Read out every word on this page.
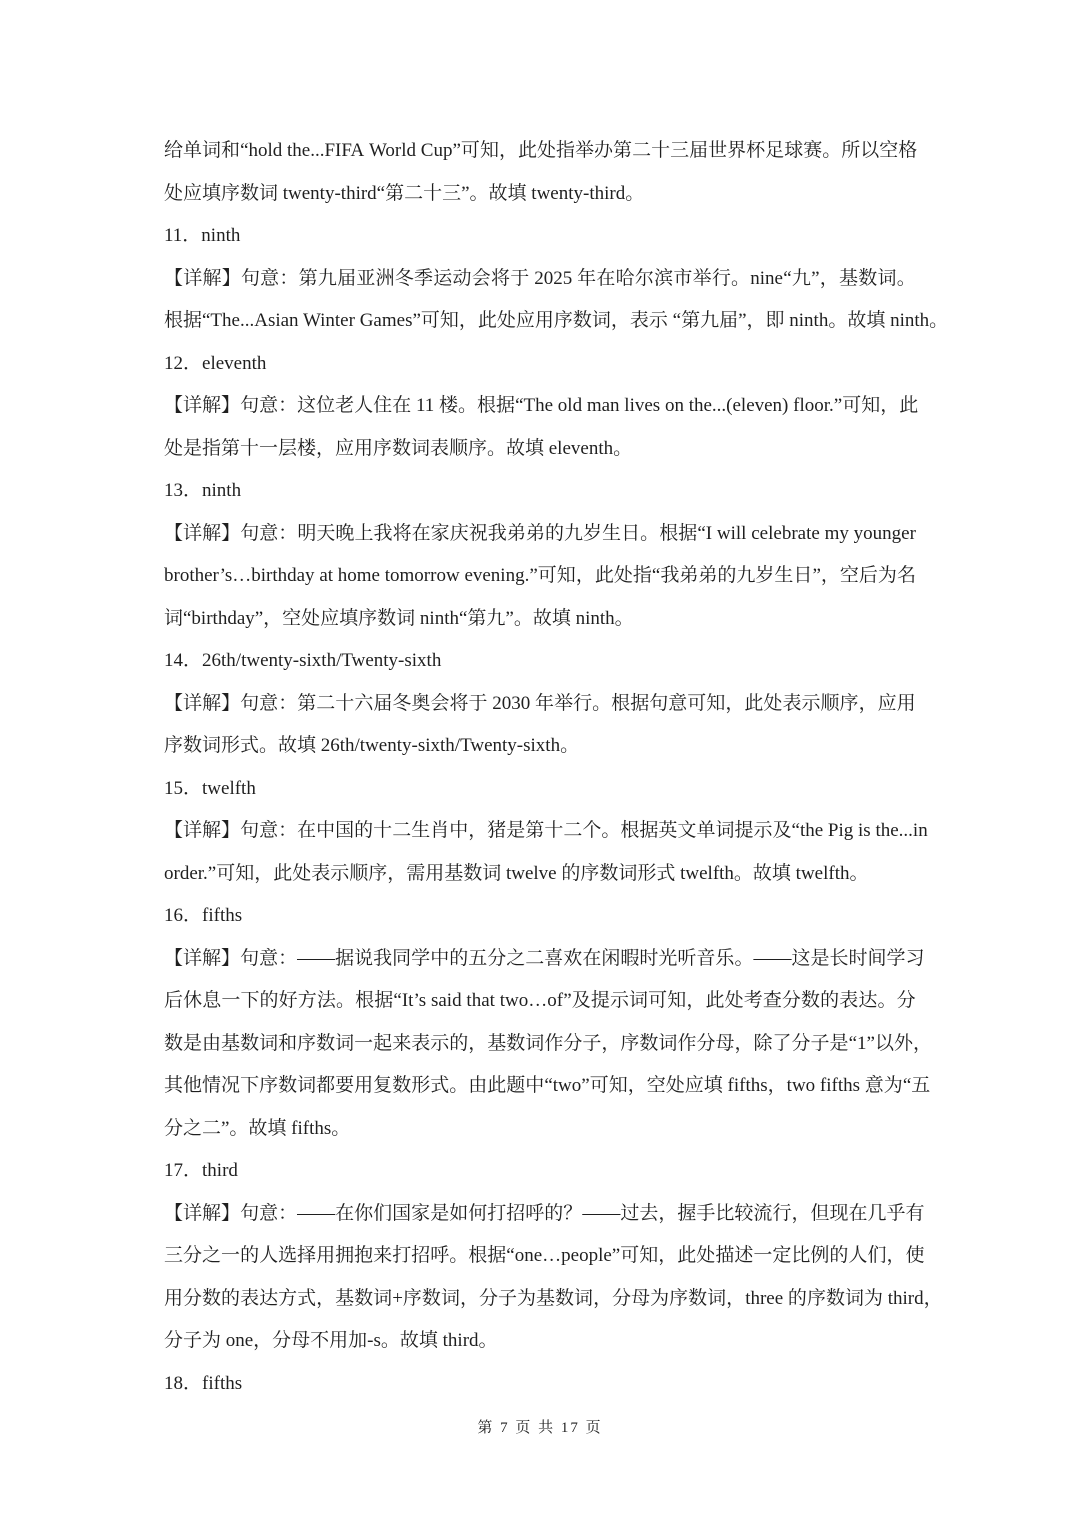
给 单 词 和 “ hold the...FIFA World Cup ” 可 知 ， 此 处 指 举 办 第 二 十 三 届 世 界 杯 足 球 赛 。 所 以 空 格
处应填序数词 twenty-third“第二十三”。故填 twenty-third。
11．ninth
【 详 解 】 句 意 ： 第 九 届 亚 洲 冬 季 运 动 会 将 于 2025 年 在 哈 尔 滨 市 举 行 。 nine “ 九 ” ， 基 数 词 。
根据“The...Asian Winter Games”可知，此处应用序数词，表示 “第九届”，即 ninth。故填 ninth。
12．eleventh
【 详 解 】 句 意 ： 这 位 老 人 住 在 11 楼 。 根 据 “ The old man lives on the...(eleven) floor. ” 可 知 ， 此
处是指第十一层楼，应用序数词表顺序。故填 eleventh。
13．ninth
【 详 解 】 句 意 ： 明 天 晚 上 我 将 在 家 庆 祝 我 弟 弟 的 九 岁 生 日 。 根 据 “ I will celebrate my younger
brother’s…birthday at home tomorrow evening. ” 可 知 ， 此 处 指 “ 我 弟 弟 的 九 岁 生 日 ” ， 空 后 为 名
词“birthday”，空处应填序数词 ninth“第九”。故填 ninth。
14．26th/twenty-sixth/Twenty-sixth
【 详 解 】 句 意 ： 第 二 十 六 届 冬 奥 会 将 于 2030 年 举 行 。 根 据 句 意 可 知 ， 此 处 表 示 顺 序 ， 应 用
序数词形式。故填 26th/twenty-sixth/Twenty-sixth。
15．twelfth
【 详 解 】 句 意 ： 在 中 国 的 十 二 生 肖 中 ， 猪 是 第 十 二 个 。 根 据 英 文 单 词 提 示 及 “ the Pig is the...in
order.”可知，此处表示顺序，需用基数词 twelve 的序数词形式 twelfth。故填 twelfth。
16．fifths
【 详 解 】 句 意 ： — — 据 说 我 同 学 中 的 五 分 之 二 喜 欢 在 闲 暇 时 光 听 音 乐 。 — — 这 是 长 时 间 学 习
后 休 息 一 下 的 好 方 法 。 根 据 “ It’s said that two…of ” 及 提 示 词 可 知 ， 此 处 考 查 分 数 的 表 达 。 分
数 是 由 基 数 词 和 序 数 词 一 起 来 表 示 的 ， 基 数 词 作 分 子 ， 序 数 词 作 分 母 ， 除 了 分 子 是 “ 1 ” 以 外 ，
其 他 情 况 下 序 数 词 都 要 用 复 数 形 式 。 由 此 题 中 “ two ” 可 知 ， 空 处 应 填 fifths ， two fifths 意 为 “ 五
分之二”。故填 fifths。
17．third
【 详 解 】 句 意 ： — — 在 你 们 国 家 是 如 何 打 招 呼 的 ？ — — 过 去 ， 握 手 比 较 流 行 ， 但 现 在 几 乎 有
三 分 之 一 的 人 选 择 用 拥 抱 来 打 招 呼 。 根 据 “ one…people ” 可 知 ， 此 处 描 述 一 定 比 例 的 人 们 ， 使
用 分 数 的 表 达 方 式 ， 基 数 词 + 序 数 词 ， 分 子 为 基 数 词 ， 分 母 为 序 数 词 ， three 的 序 数 词 为 third ，
分子为 one，分母不用加-s。故填 third。
18．fifths
第 7 页 共 17 页
